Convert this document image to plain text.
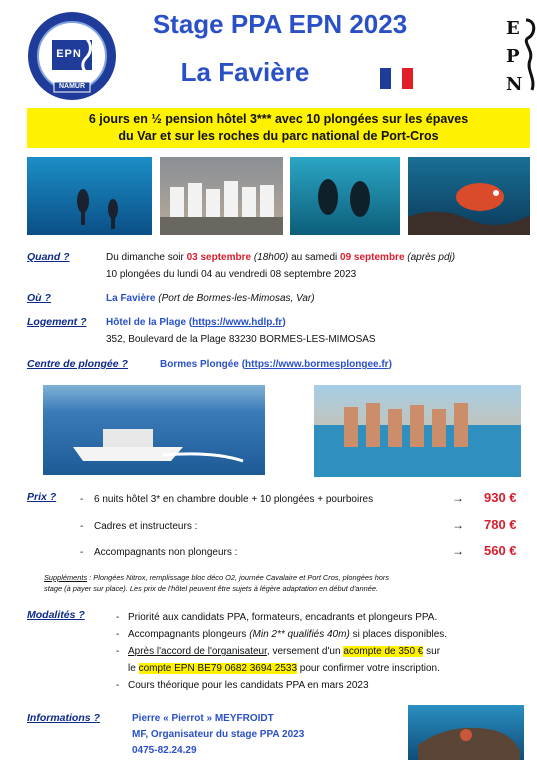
EPN
NAMUR
Stage PPA EPN 2023
La Favière
E
P
N
6 jours en ½ pension hôtel 3*** avec 10 plongées sur les épaves
du Var et sur les roches du parc national de Port-Cros
Quand ?	Du dimanche soir 03 septembre (18h00) au samedi 09 septembre (après pdj)
10 plongées du lundi 04 au vendredi 08 septembre 2023
Où ?	La Favière (Port de Bormes-les-Mimosas, Var)
Logement ? Hôtel de la Plage (https://www.hdlp.fr)
352, Boulevard de la Plage 83230 BORMES-LES-MIMOSAS
Centre de plongée ?	Bormes Plongée (https://www.bormesplongee.fr)
Prix ? - 6 nuits hôtel 3* en chambre double + 10 plongées + pourboires	→ 930 €
- Cadres et instructeurs :	→ 780 €
- Accompagnants non plongeurs :	→ 560 €
Suppléments : Plongées Nitrox, remplissage bloc déco O2, journée Cavalaire et Port Cros, plongées hors
stage (à payer sur place). Les prix de l'hôtel peuvent être sujets à légère adaptation en début d'année.
Modalités ?	- Priorité aux candidats PPA, formateurs, encadrants et plongeurs PPA.
- Accompagnants plongeurs (Min 2** qualifiés 40m) si places disponibles.
- Après l'accord de l'organisateur, versement d'un acompte de 350 € sur
le compte EPN BE79 0682 3694 2533 pour confirmer votre inscription.
- Cours théorique pour les candidats PPA en mars 2023
Informations ?	Pierre « Pierrot » MEYFROIDT
MF, Organisateur du stage PPA 2023
0475-82.24.29
